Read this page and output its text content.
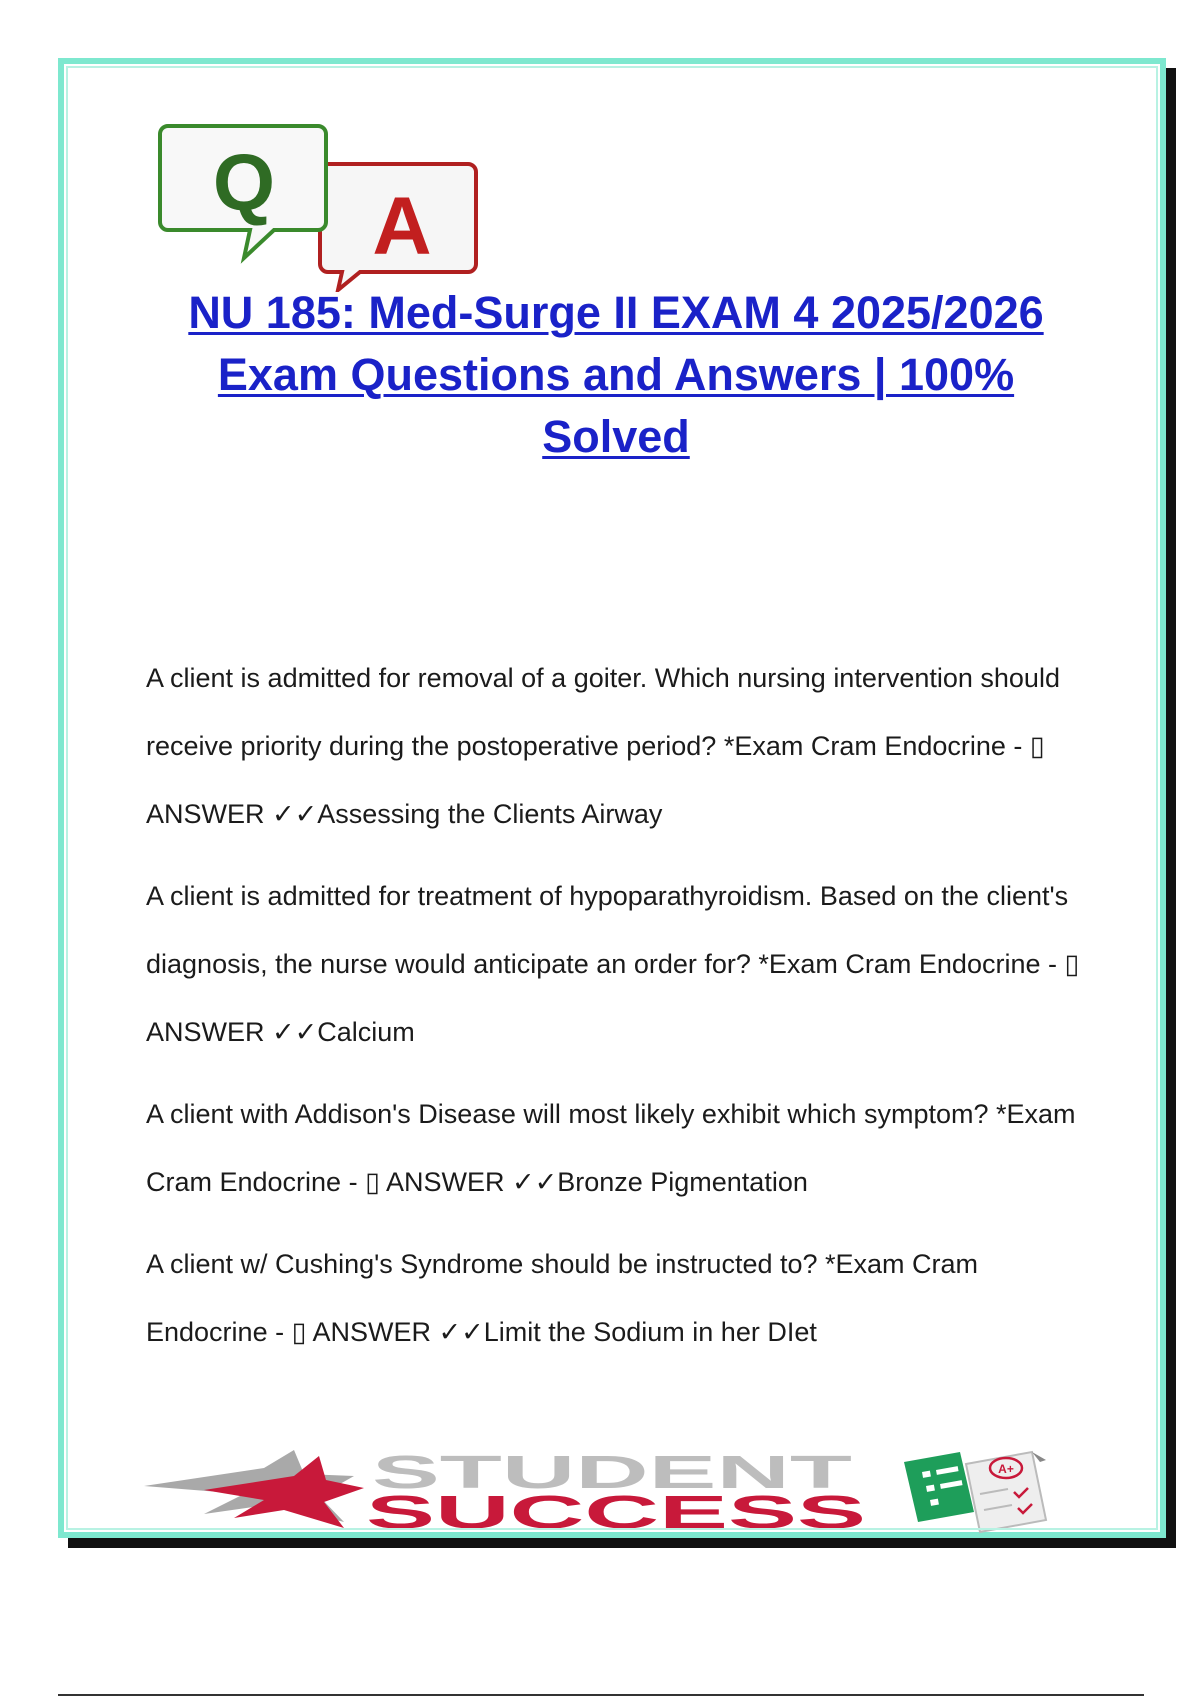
A
Q
NU 185: Med-Surge II EXAM 4 2025/2026
Exam Questions and Answers | 100%
Solved
A client is admitted for removal of a goiter. Which nursing intervention should receive priority during the postoperative period? *Exam Cram Endocrine - ▯ ANSWER ✓✓Assessing the Clients Airway
A client is admitted for treatment of hypoparathyroidism. Based on the client's diagnosis, the nurse would anticipate an order for? *Exam Cram Endocrine - ▯ ANSWER ✓✓Calcium
A client with Addison's Disease will most likely exhibit which symptom? *Exam Cram Endocrine - ▯ ANSWER ✓✓Bronze Pigmentation
A client w/ Cushing's Syndrome should be instructed to? *Exam Cram Endocrine - ▯ ANSWER ✓✓Limit the Sodium in her DIet
STUDENT
SUCCESS
A+
